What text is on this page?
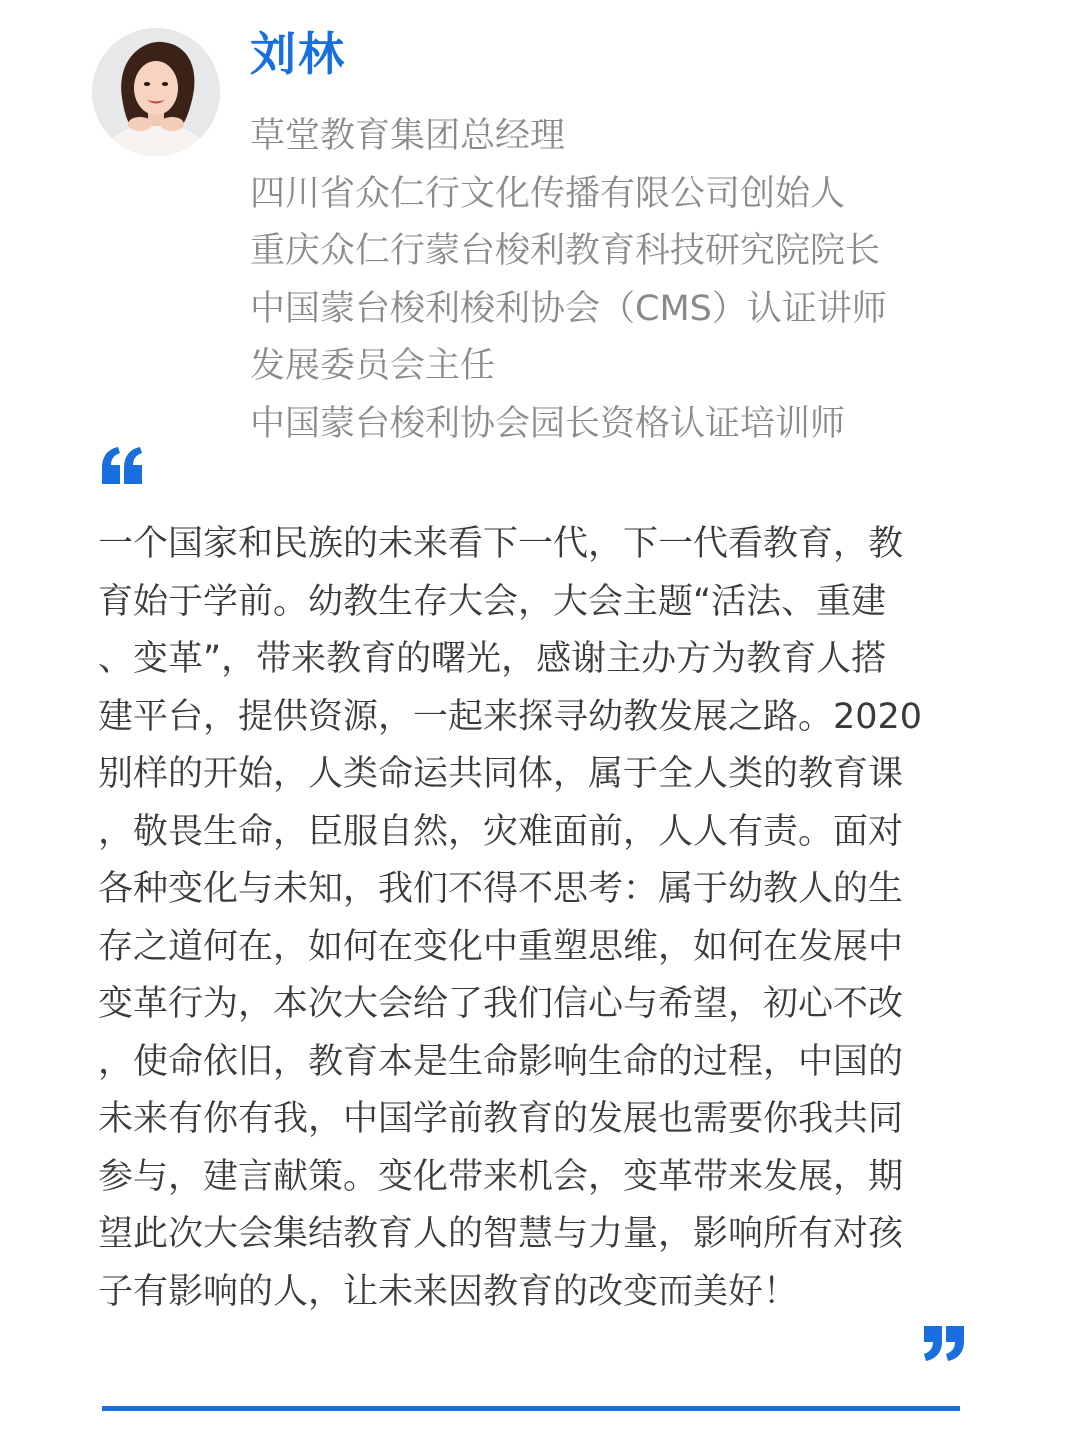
刘林
草堂教育集团总经理
四川省众仁行文化传播有限公司创始人
重庆众仁行蒙台梭利教育科技研究院院长
中国蒙台梭利梭利协会（CMS）认证讲师
发展委员会主任
中国蒙台梭利协会园长资格认证培训师
一个国家和民族的未来看下一代，下一代看教育，教
育始于学前。幼教生存大会，大会主题“活法、重建
、变革”，带来教育的曙光，感谢主办方为教育人搭
建平台，提供资源，一起来探寻幼教发展之路。2020
别样的开始，人类命运共同体，属于全人类的教育课
，敬畏生命，臣服自然，灾难面前，人人有责。面对
各种变化与未知，我们不得不思考：属于幼教人的生
存之道何在，如何在变化中重塑思维，如何在发展中
变革行为，本次大会给了我们信心与希望，初心不改
，使命依旧，教育本是生命影响生命的过程，中国的
未来有你有我，中国学前教育的发展也需要你我共同
参与，建言献策。变化带来机会，变革带来发展，期
望此次大会集结教育人的智慧与力量，影响所有对孩
子有影响的人，让未来因教育的改变而美好！
